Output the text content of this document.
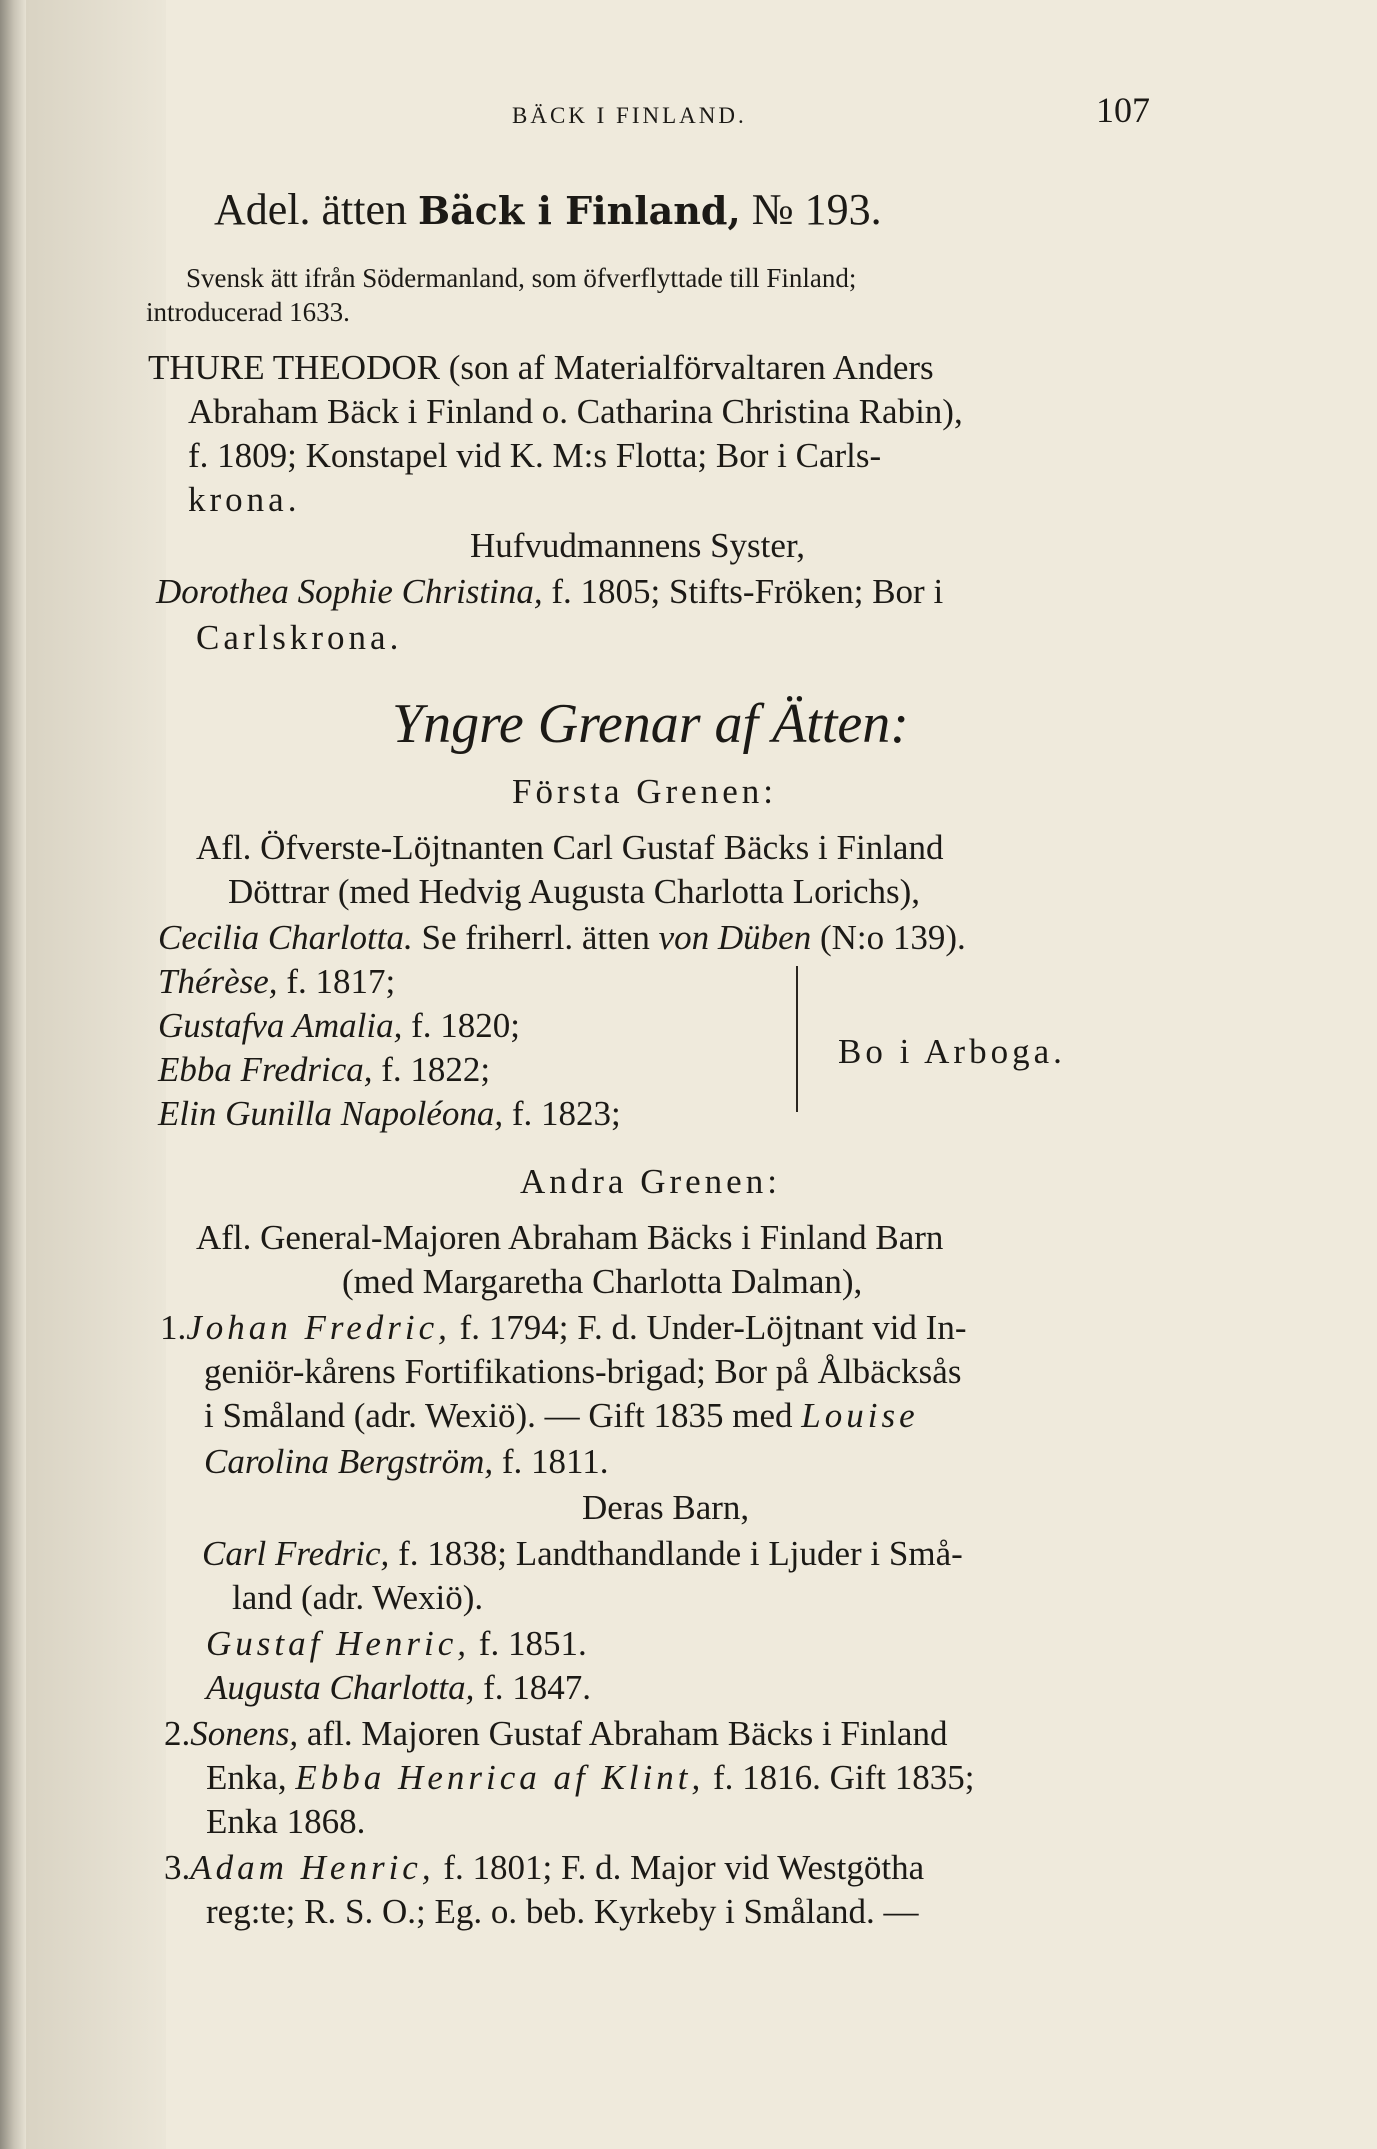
BÄCK I FINLAND.	107
Adel. ätten Bäck i Finland, № 193.
Svensk ätt ifrån Södermanland, som öfverflyttade till Finland;
introducerad 1633.
THURE THEODOR (son af Materialförvaltaren Anders
Abraham Bäck i Finland o. Catharina Christina Rabin),
f. 1809; Konstapel vid K. M:s Flotta; Bor i Carls-
krona.
Hufvudmannens Syster,
Dorothea Sophie Christina, f. 1805; Stifts-Fröken; Bor i
Carlskrona.
Yngre Grenar af Ätten:
Första Grenen:
Afl. Öfverste-Löjtnanten Carl Gustaf Bäcks i Finland
Döttrar (med Hedvig Augusta Charlotta Lorichs),
Cecilia Charlotta. Se friherrl. ätten von Düben (N:o 139).
Thérèse, f. 1817;
Gustafva Amalia, f. 1820;
Ebba Fredrica, f. 1822;
Elin Gunilla Napoléona, f. 1823;
Bo i Arboga.
Andra Grenen:
Afl. General-Majoren Abraham Bäcks i Finland Barn
(med Margaretha Charlotta Dalman),
1.Johan Fredric, f. 1794; F. d. Under-Löjtnant vid In-
geniör-kårens Fortifikations-brigad; Bor på Ålbäcksås
i Småland (adr. Wexiö). — Gift 1835 med Louise
Carolina Bergström, f. 1811.
Deras Barn,
Carl Fredric, f. 1838; Landthandlande i Ljuder i Små-
land (adr. Wexiö).
Gustaf Henric, f. 1851.
Augusta Charlotta, f. 1847.
2.Sonens, afl. Majoren Gustaf Abraham Bäcks i Finland
Enka, Ebba Henrica af Klint, f. 1816. Gift 1835;
Enka 1868.
3.Adam Henric, f. 1801; F. d. Major vid Westgötha
reg:te; R. S. O.; Eg. o. beb. Kyrkeby i Småland. —
